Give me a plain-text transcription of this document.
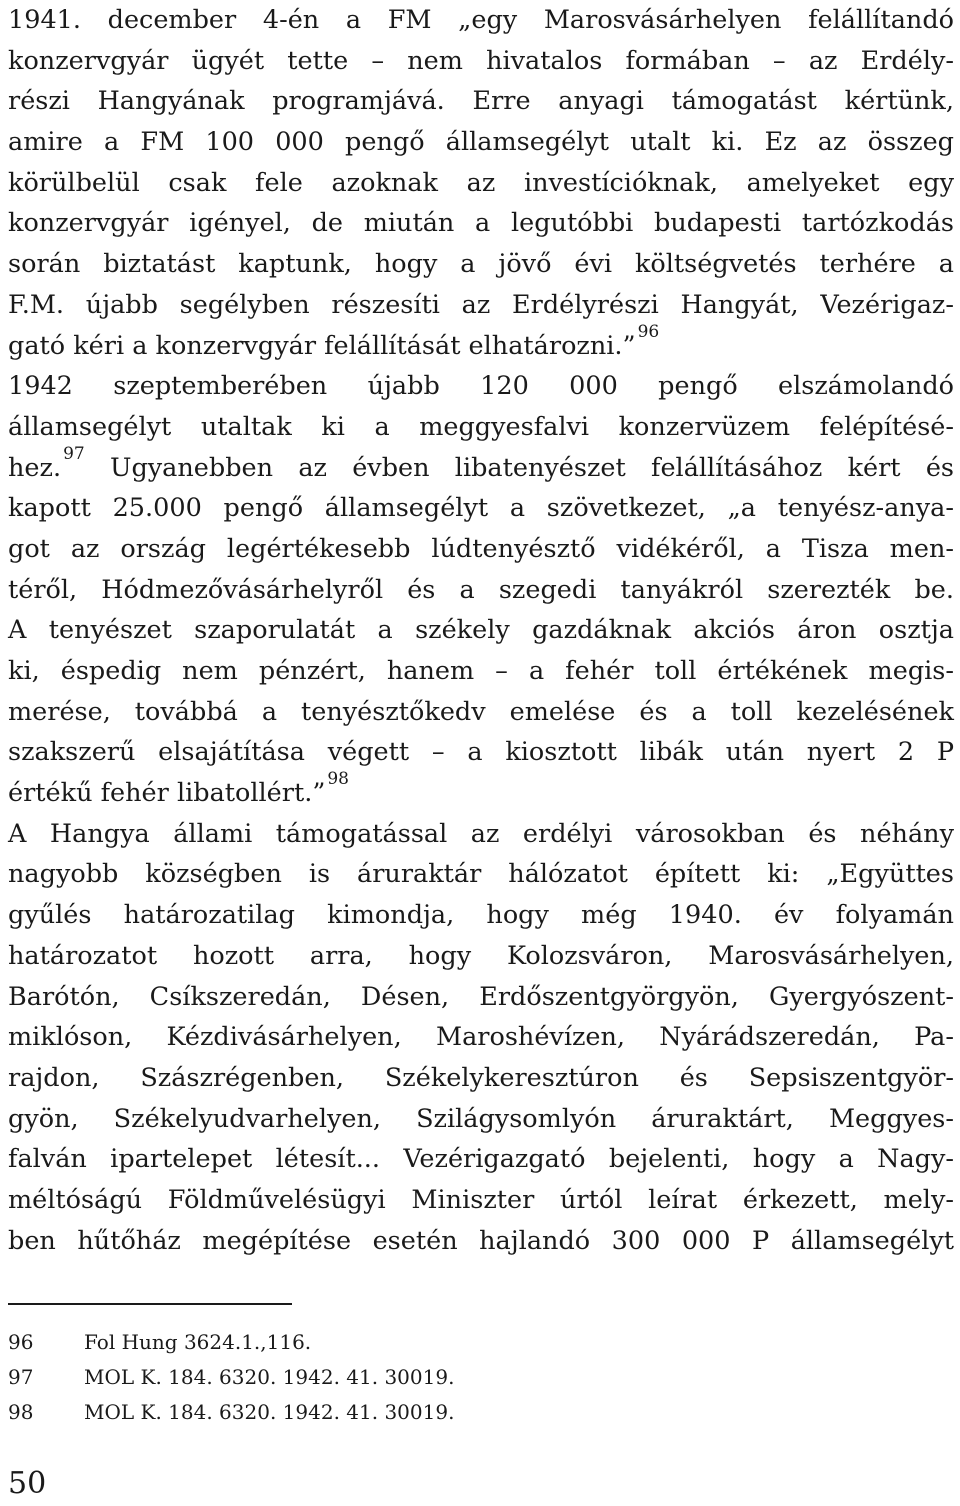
1941. december 4-én a FM „egy Marosvásárhelyen felállítandó
konzervgyár ügyét tette – nem hivatalos formában – az Erdély-
részi Hangyának programjává. Erre anyagi támogatást kértünk,
amire a FM 100 000 pengő államsegélyt utalt ki. Ez az összeg
körülbelül csak fele azoknak az investícióknak, amelyeket egy
konzervgyár igényel, de miután a legutóbbi budapesti tartózkodás
során biztatást kaptunk, hogy a jövő évi költségvetés terhére a
F.M. újabb segélyben részesíti az Erdélyrészi Hangyát, Vezérigaz-
gató kéri a konzervgyár felállítását elhatározni.” $^{96}$
1942 szeptemberében újabb 120 000 pengő elszámolandó
államsegélyt utaltak ki a meggyesfalvi konzervüzem felépítésé-
hez. $^{97}$ Ugyanebben az évben libatenyészet felállításához kért és
kapott 25.000 pengő államsegélyt a szövetkezet, „a tenyész-anya-
got az ország legértékesebb lúdtenyésztő vidékéről, a Tisza men-
téről, Hódmezővásárhelyről és a szegedi tanyákról szerezték be.
A tenyészet szaporulatát a székely gazdáknak akciós áron osztja
ki, éspedig nem pénzért, hanem – a fehér toll értékének megis-
merése, továbbá a tenyésztőkedv emelése és a toll kezelésének
szakszerű elsajátítása végett – a kiosztott libák után nyert 2 P
értékű fehér libatollért.” $^{98}$
A Hangya állami támogatással az erdélyi városokban és néhány
nagyobb községben is áruraktár hálózatot épített ki: „Együttes
gyűlés határozatilag kimondja, hogy még 1940. év folyamán
határozatot hozott arra, hogy Kolozsváron, Marosvásárhelyen,
Barótón, Csíkszeredán, Désen, Erdőszentgyörgyön, Gyergyószent-
miklóson, Kézdivásárhelyen, Maroshévízen, Nyárádszeredán, Pa-
rajdon, Szászrégenben, Székelykeresztúron és Sepsiszentgyör-
gyön, Székelyudvarhelyen, Szilágysomlyón áruraktárt, Meggyes-
falván ipartelepet létesít... Vezérigazgató bejelenti, hogy a Nagy-
méltóságú Földművelésügyi Miniszter úrtól leírat érkezett, mely-
ben hűtőház megépítése esetén hajlandó 300 000 P államsegélyt
96	Fol Hung 3624.1.,116.
97	MOL K. 184. 6320. 1942. 41. 30019.
98	MOL K. 184. 6320. 1942. 41. 30019.
50
